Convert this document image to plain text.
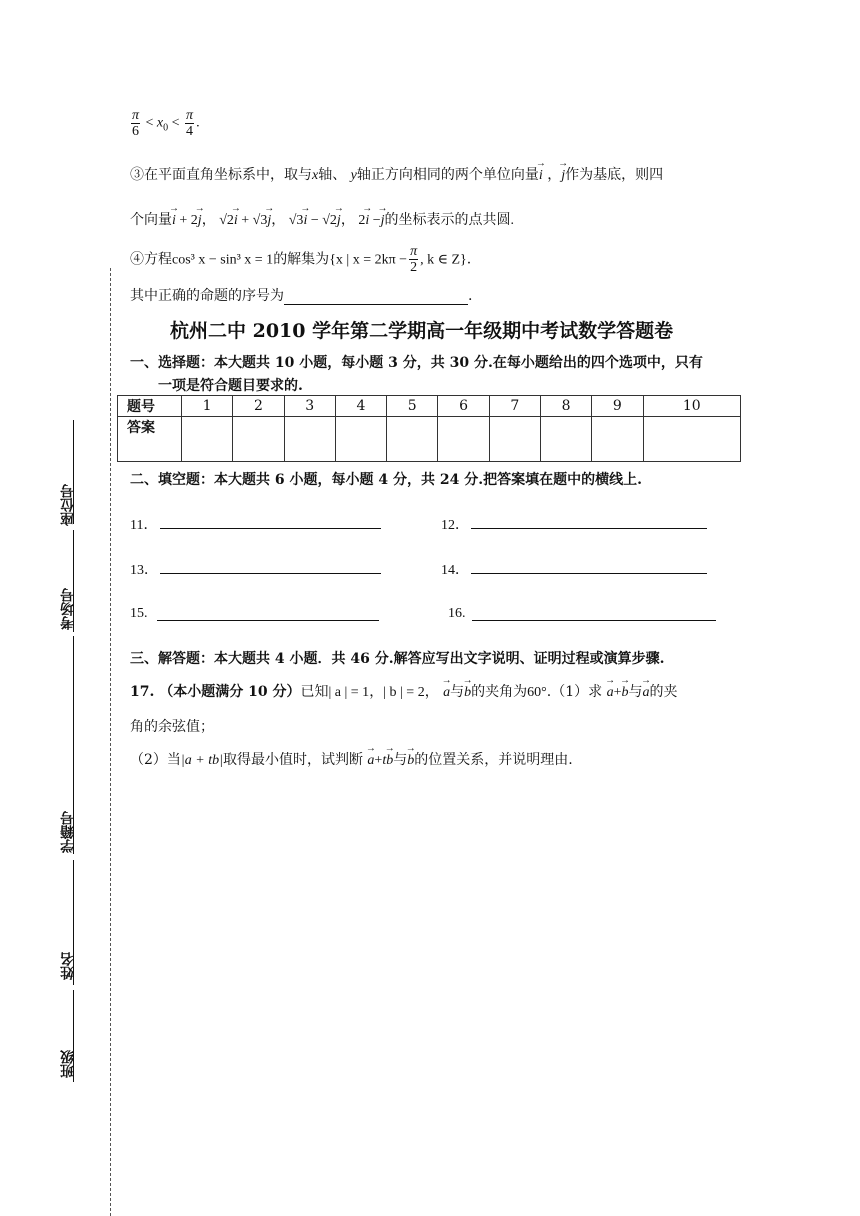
$\frac{\pi}{6} < x_0 < \frac{\pi}{4}$ .
③在平面直角坐标系中，取与x轴、 y轴正方向相同的两个单位向量→ i ，→ j作为基底，则四
个向量→ i + 2→ j， √2→ i + √3→ j， √3→ i − √2→ j， 2→ i −→ j的坐标表示的点共圆.
④方程cos³ x − sin³ x = 1的解集为{x | $x = 2k\pi - \frac{\pi}{2}$ , k ∈ Z}.
其中正确的命题的序号为	.
杭州二中 2010 学年第二学期高一年级期中考试数学答题卷
一、选择题：本大题共 10 小题，每小题 3 分，共 30 分.在每小题给出的四个选项中，只有
一项是符合题目要求的.
题号	1	2	3	4	5	6	7	8	9	10
答案										
二、填空题：本大题共 6 小题，每小题 4 分，共 24 分.把答案填在题中的横线上.
11．	12．
13．	14．
15.	16.
三、解答题：本大题共 4 小题．共 46 分.解答应写出文字说明、证明过程或演算步骤.
17. （本小题满分 10 分）已知| a | = 1，| b | = 2， → a与→ b的夹角为60°.（1）求 → a+→ b与→ a的夹
角的余弦值；
（2）当|a + tb|取得最小值时，试判断 → a+t→ b与→ b的位置关系，并说明理由.
座位号
考场号
学籍号
姓名
班级
